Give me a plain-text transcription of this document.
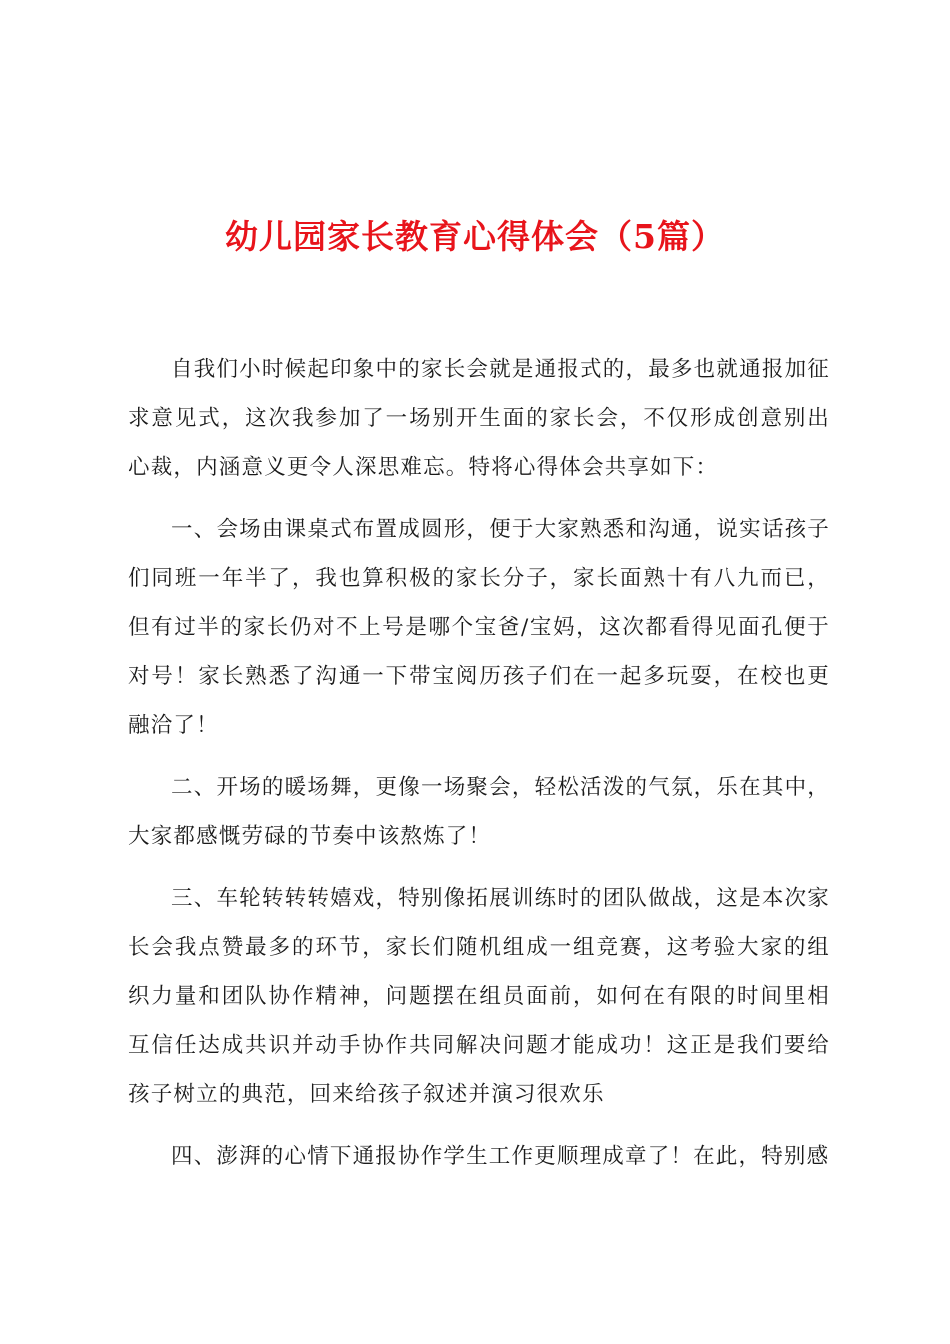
幼儿园家长教育心得体会（5篇）

自我们小时候起印象中的家长会就是通报式的，最多也就通报加征求意见式，这次我参加了一场别开生面的家长会，不仅形成创意别出心裁，内涵意义更令人深思难忘。特将心得体会共享如下：

一、会场由课桌式布置成圆形，便于大家熟悉和沟通，说实话孩子们同班一年半了，我也算积极的家长分子，家长面熟十有八九而已，但有过半的家长仍对不上号是哪个宝爸/宝妈，这次都看得见面孔便于对号！家长熟悉了沟通一下带宝阅历孩子们在一起多玩耍，在校也更融洽了！

二、开场的暖场舞，更像一场聚会，轻松活泼的气氛，乐在其中，大家都感慨劳碌的节奏中该熬炼了！

三、车轮转转转嬉戏，特别像拓展训练时的团队做战，这是本次家长会我点赞最多的环节，家长们随机组成一组竞赛，这考验大家的组织力量和团队协作精神，问题摆在组员面前，如何在有限的时间里相互信任达成共识并动手协作共同解决问题才能成功！这正是我们要给孩子树立的典范，回来给孩子叙述并演习很欢乐

四、澎湃的心情下通报协作学生工作更顺理成章了！在此，特别感
